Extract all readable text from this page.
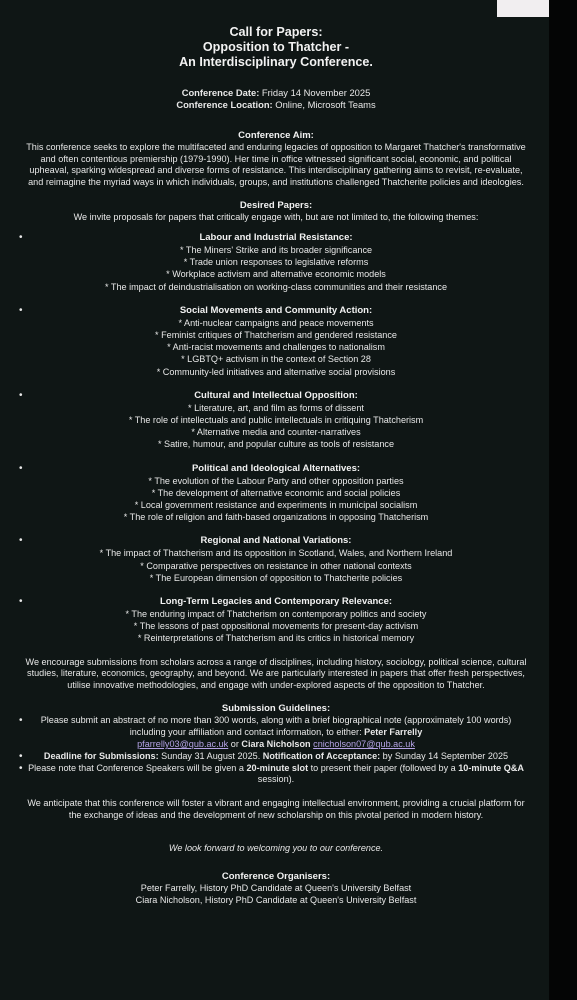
Call for Papers:
Opposition to Thatcher -
An Interdisciplinary Conference.
Conference Date: Friday 14 November 2025
Conference Location: Online, Microsoft Teams
Conference Aim:
This conference seeks to explore the multifaceted and enduring legacies of opposition to Margaret Thatcher's transformative and often contentious premiership (1979-1990). Her time in office witnessed significant social, economic, and political upheaval, sparking widespread and diverse forms of resistance. This interdisciplinary gathering aims to revisit, re-evaluate, and reimagine the myriad ways in which individuals, groups, and institutions challenged Thatcherite policies and ideologies.
Desired Papers:
We invite proposals for papers that critically engage with, but are not limited to, the following themes:
•	Labour and Industrial Resistance:
* The Miners' Strike and its broader significance
* Trade union responses to legislative reforms
* Workplace activism and alternative economic models
* The impact of deindustrialisation on working-class communities and their resistance
•	Social Movements and Community Action:
* Anti-nuclear campaigns and peace movements
* Feminist critiques of Thatcherism and gendered resistance
* Anti-racist movements and challenges to nationalism
* LGBTQ+ activism in the context of Section 28
* Community-led initiatives and alternative social provisions
•	Cultural and Intellectual Opposition:
* Literature, art, and film as forms of dissent
* The role of intellectuals and public intellectuals in critiquing Thatcherism
* Alternative media and counter-narratives
* Satire, humour, and popular culture as tools of resistance
•	Political and Ideological Alternatives:
* The evolution of the Labour Party and other opposition parties
* The development of alternative economic and social policies
* Local government resistance and experiments in municipal socialism
* The role of religion and faith-based organizations in opposing Thatcherism
•	Regional and National Variations:
* The impact of Thatcherism and its opposition in Scotland, Wales, and Northern Ireland
* Comparative perspectives on resistance in other national contexts
* The European dimension of opposition to Thatcherite policies
•	Long-Term Legacies and Contemporary Relevance:
* The enduring impact of Thatcherism on contemporary politics and society
* The lessons of past oppositional movements for present-day activism
* Reinterpretations of Thatcherism and its critics in historical memory
We encourage submissions from scholars across a range of disciplines, including history, sociology, political science, cultural studies, literature, economics, geography, and beyond. We are particularly interested in papers that offer fresh perspectives, utilise innovative methodologies, and engage with under-explored aspects of the opposition to Thatcher.
Submission Guidelines:
• Please submit an abstract of no more than 300 words, along with a brief biographical note (approximately 100 words) including your affiliation and contact information, to either: Peter Farrelly
pfarrelly03@qub.ac.uk or Ciara Nicholson cnicholson07@qub.ac.uk
• Deadline for Submissions: Sunday 31 August 2025. Notification of Acceptance: by Sunday 14 September 2025
• Please note that Conference Speakers will be given a 20-minute slot to present their paper (followed by a 10-minute Q&A session).
We anticipate that this conference will foster a vibrant and engaging intellectual environment, providing a crucial platform for the exchange of ideas and the development of new scholarship on this pivotal period in modern history.
We look forward to welcoming you to our conference.
Conference Organisers:
Peter Farrelly, History PhD Candidate at Queen's University Belfast
Ciara Nicholson, History PhD Candidate at Queen's University Belfast
